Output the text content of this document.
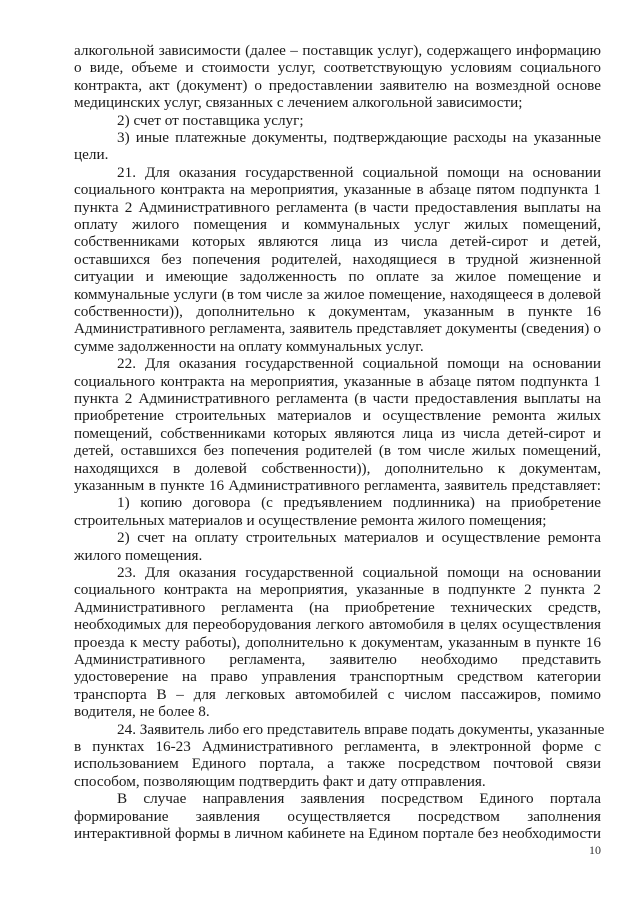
алкогольной зависимости (далее – поставщик услуг), содержащего информацию
о виде, объеме и стоимости услуг, соответствующую условиям социального
контракта, акт (документ) о предоставлении заявителю на возмездной основе
медицинских услуг, связанных с лечением алкогольной зависимости;
2) счет от поставщика услуг;
3) иные платежные документы, подтверждающие расходы на указанные
цели.
21. Для оказания государственной социальной помощи на основании
социального контракта на мероприятия, указанные в абзаце пятом подпункта 1
пункта 2 Административного регламента (в части предоставления выплаты на
оплату жилого помещения и коммунальных услуг жилых помещений,
собственниками которых являются лица из числа детей-сирот и детей,
оставшихся без попечения родителей, находящиеся в трудной жизненной
ситуации и имеющие задолженность по оплате за жилое помещение и
коммунальные услуги (в том числе за жилое помещение, находящееся в долевой
собственности)), дополнительно к документам, указанным в пункте 16
Административного регламента, заявитель представляет документы (сведения) о
сумме задолженности на оплату коммунальных услуг.
22. Для оказания государственной социальной помощи на основании
социального контракта на мероприятия, указанные в абзаце пятом подпункта 1
пункта 2 Административного регламента (в части предоставления выплаты на
приобретение строительных материалов и осуществление ремонта жилых
помещений, собственниками которых являются лица из числа детей-сирот и
детей, оставшихся без попечения родителей (в том числе жилых помещений,
находящихся в долевой собственности)), дополнительно к документам,
указанным в пункте 16 Административного регламента, заявитель представляет:
1) копию договора (с предъявлением подлинника) на приобретение
строительных материалов и осуществление ремонта жилого помещения;
2) счет на оплату строительных материалов и осуществление ремонта
жилого помещения.
23. Для оказания государственной социальной помощи на основании
социального контракта на мероприятия, указанные в подпункте 2 пункта 2
Административного регламента (на приобретение технических средств,
необходимых для переоборудования легкого автомобиля в целях осуществления
проезда к месту работы), дополнительно к документам, указанным в пункте 16
Административного регламента, заявителю необходимо представить
удостоверение на право управления транспортным средством категории
транспорта В – для легковых автомобилей с числом пассажиров, помимо
водителя, не более 8.
24. Заявитель либо его представитель вправе подать документы, указанные
в пунктах 16-23 Административного регламента, в электронной форме с
использованием Единого портала, а также посредством почтовой связи
способом, позволяющим подтвердить факт и дату отправления.
В случае направления заявления посредством Единого портала
формирование заявления осуществляется посредством заполнения
интерактивной формы в личном кабинете на Едином портале без необходимости
10
